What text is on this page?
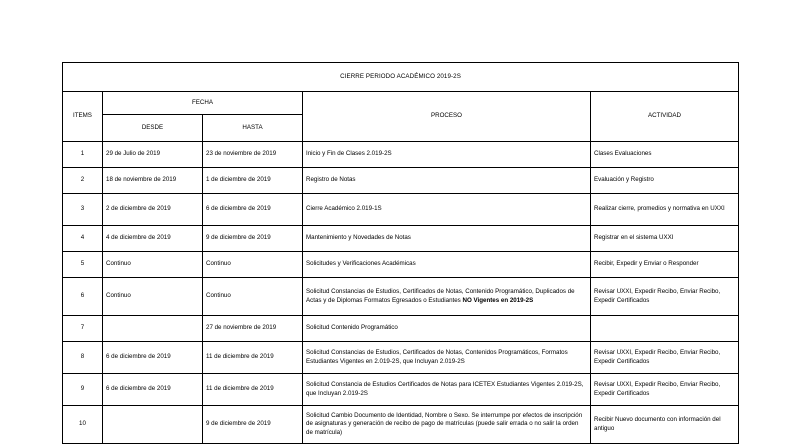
CIERRE PERIODO ACADÉMICO 2019-2S				
ITEMS	FECHA		PROCESO	ACTIVIDAD
	DESDE	HASTA		
1	29 de Julio de 2019	23 de noviembre de 2019	Inicio y Fin de Clases 2.019-2S	Clases Evaluaciones
2	18 de noviembre de 2019	1 de diciembre de 2019	Registro de Notas	Evaluación y Registro
3	2 de diciembre de 2019	6 de diciembre de 2019	Cierre Académico 2.019-1S	Realizar cierre, promedios y normativa en UXXI
4	4 de diciembre de 2019	9 de diciembre de 2019	Mantenimiento y Novedades de Notas	Registrar en el sistema UXXI
5	Continuo	Continuo	Solicitudes y Verificaciones Académicas	Recibir, Expedir y Enviar o Responder
6	Continuo	Continuo	Solicitud Constancias de Estudios, Certificados de Notas, Contenido Programático, Duplicados de Actas y de Diplomas Formatos Egresados o Estudiantes NO Vigentes en 2019-2S	Revisar UXXI, Expedir Recibo, Enviar Recibo, Expedir Certificados
7		27 de noviembre de 2019	Solicitud Contenido Programático	
8	6 de diciembre de 2019	11 de diciembre de 2019	Solicitud Constancias de Estudios, Certificados de Notas, Contenidos Programáticos, Formatos Estudiantes Vigentes en 2.019-2S, que Incluyan 2.019-2S	Revisar UXXI, Expedir Recibo, Enviar Recibo, Expedir Certificados
9	6 de diciembre de 2019	11 de diciembre de 2019	Solicitud Constancia de Estudios Certificados de Notas para ICETEX Estudiantes Vigentes 2.019-2S, que Incluyan 2.019-2S	Revisar UXXI, Expedir Recibo, Enviar Recibo, Expedir Certificados
10		9 de diciembre de 2019	Solicitud Cambio Documento de Identidad, Nombre o Sexo. Se interrumpe por efectos de inscripción de asignaturas y generación de recibo de pago de matrículas (puede salir errada o no salir la orden de matrícula)	Recibir Nuevo documento con información del antiguo
